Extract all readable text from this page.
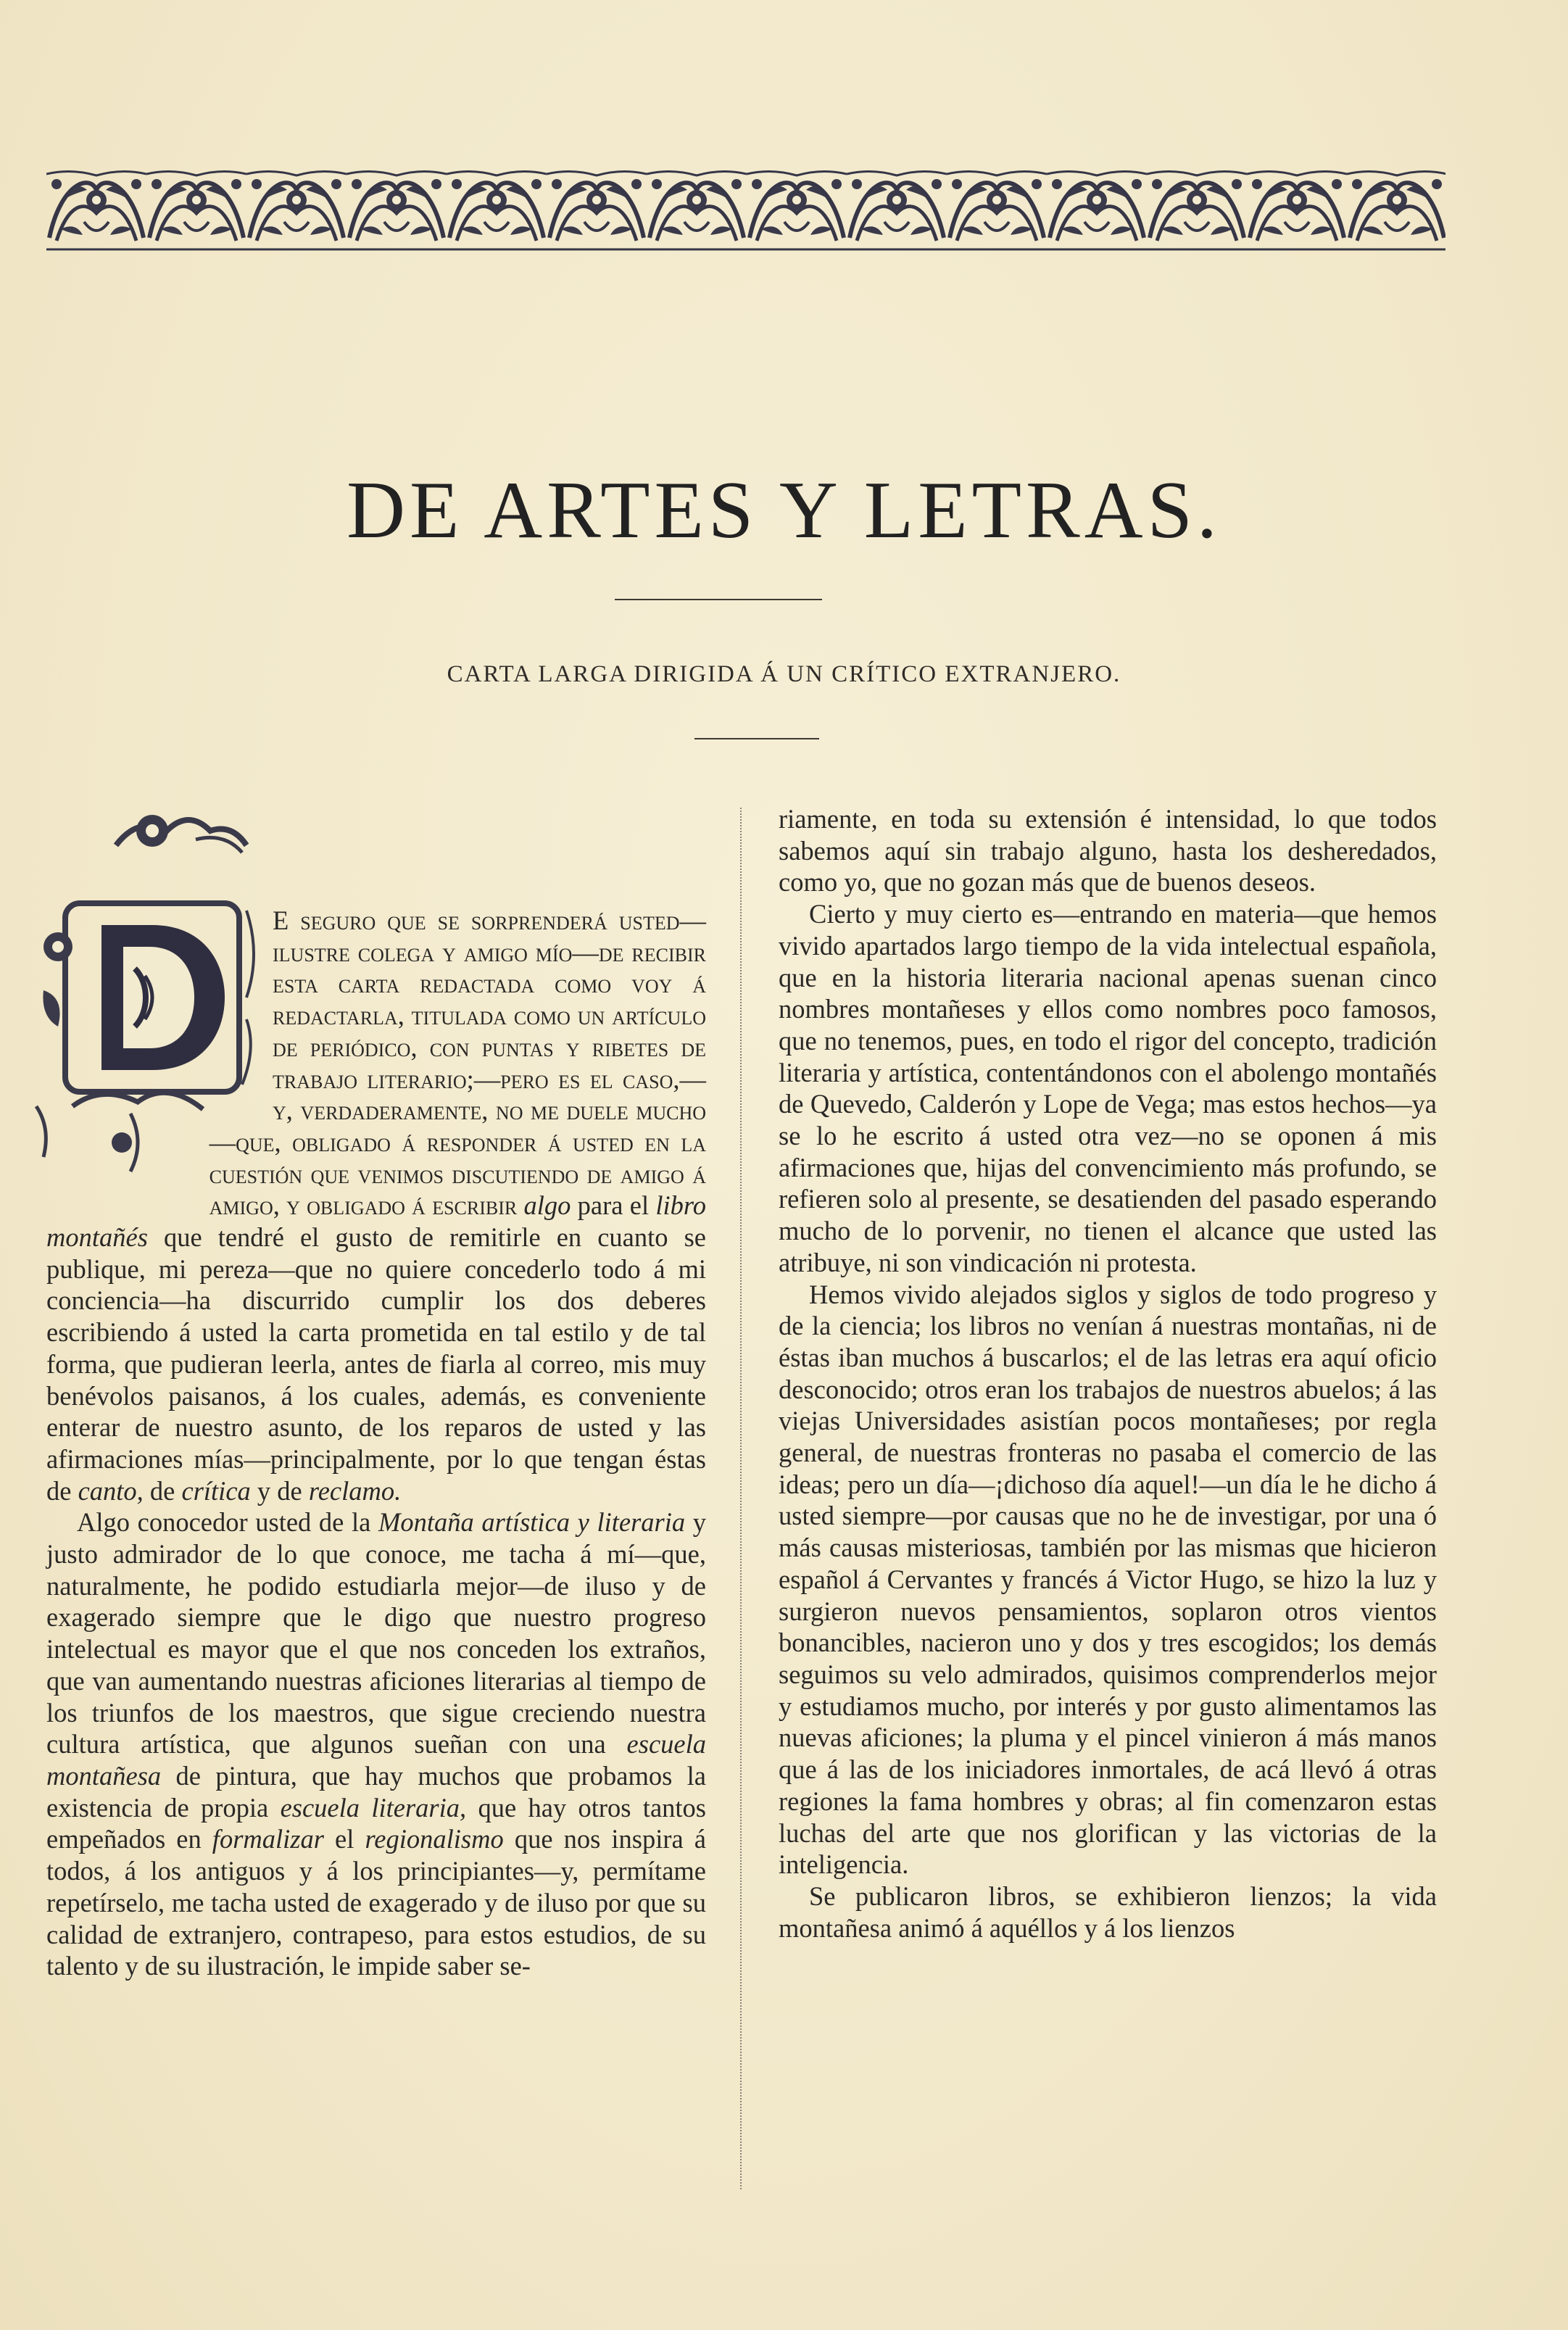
DE ARTES Y LETRAS.
CARTA LARGA DIRIGIDA Á UN CRÍTICO EXTRANJERO.

E seguro que se sorprenderá usted—ilustre colega y amigo mío—de recibir esta carta redactada como voy á redactarla, titulada como un artículo de periódico, con puntas y ribetes de trabajo literario;—pero es el caso,—y, verdaderamente, no me duele mucho—que, obligado á responder á usted en la cuestión que venimos discutiendo de amigo á amigo, y obligado á escribir algo para el libro montañés que tendré el gusto de remitirle en cuanto se publique, mi pereza—que no quiere concederlo todo á mi conciencia—ha discurrido cumplir los dos deberes escribiendo á usted la carta prometida en tal estilo y de tal forma, que pudieran leerla, antes de fiarla al correo, mis muy benévolos paisanos, á los cuales, además, es conveniente enterar de nuestro asunto, de los reparos de usted y las afirmaciones mías—principalmente, por lo que tengan éstas de canto, de crítica y de reclamo.

Algo conocedor usted de la Montaña artística y literaria y justo admirador de lo que conoce, me tacha á mí—que, naturalmente, he podido estudiarla mejor—de iluso y de exagerado siempre que le digo que nuestro progreso intelectual es mayor que el que nos conceden los extraños, que van aumentando nuestras aficiones literarias al tiempo de los triunfos de los maestros, que sigue creciendo nuestra cultura artística, que algunos sueñan con una escuela montañesa de pintura, que hay muchos que probamos la existencia de propia escuela literaria, que hay otros tantos empeñados en formalizar el regionalismo que nos inspira á todos, á los antiguos y á los principiantes—y, permítame repetírselo, me tacha usted de exagerado y de iluso por que su calidad de extranjero, contrapeso, para estos estudios, de su talento y de su ilustración, le impide saber se-

riamente, en toda su extensión é intensidad, lo que todos sabemos aquí sin trabajo alguno, hasta los desheredados, como yo, que no gozan más que de buenos deseos.

Cierto y muy cierto es—entrando en materia—que hemos vivido apartados largo tiempo de la vida intelectual española, que en la historia literaria nacional apenas suenan cinco nombres montañeses y ellos como nombres poco famosos, que no tenemos, pues, en todo el rigor del concepto, tradición literaria y artística, contentándonos con el abolengo montañés de Quevedo, Calderón y Lope de Vega; mas estos hechos—ya se lo he escrito á usted otra vez—no se oponen á mis afirmaciones que, hijas del convencimiento más profundo, se refieren solo al presente, se desatienden del pasado esperando mucho de lo porvenir, no tienen el alcance que usted las atribuye, ni son vindicación ni protesta.

Hemos vivido alejados siglos y siglos de todo progreso y de la ciencia; los libros no venían á nuestras montañas, ni de éstas iban muchos á buscarlos; el de las letras era aquí oficio desconocido; otros eran los trabajos de nuestros abuelos; á las viejas Universidades asistían pocos montañeses; por regla general, de nuestras fronteras no pasaba el comercio de las ideas; pero un día—¡dichoso día aquel!—un día le he dicho á usted siempre—por causas que no he de investigar, por una ó más causas misteriosas, también por las mismas que hicieron español á Cervantes y francés á Victor Hugo, se hizo la luz y surgieron nuevos pensamientos, soplaron otros vientos bonancibles, nacieron uno y dos y tres escogidos; los demás seguimos su velo admirados, quisimos comprenderlos mejor y estudiamos mucho, por interés y por gusto alimentamos las nuevas aficiones; la pluma y el pincel vinieron á más manos que á las de los iniciadores inmortales, de acá llevó á otras regiones la fama hombres y obras; al fin comenzaron estas luchas del arte que nos glorifican y las victorias de la inteligencia.

Se publicaron libros, se exhibieron lienzos; la vida montañesa animó á aquéllos y á los lienzos
